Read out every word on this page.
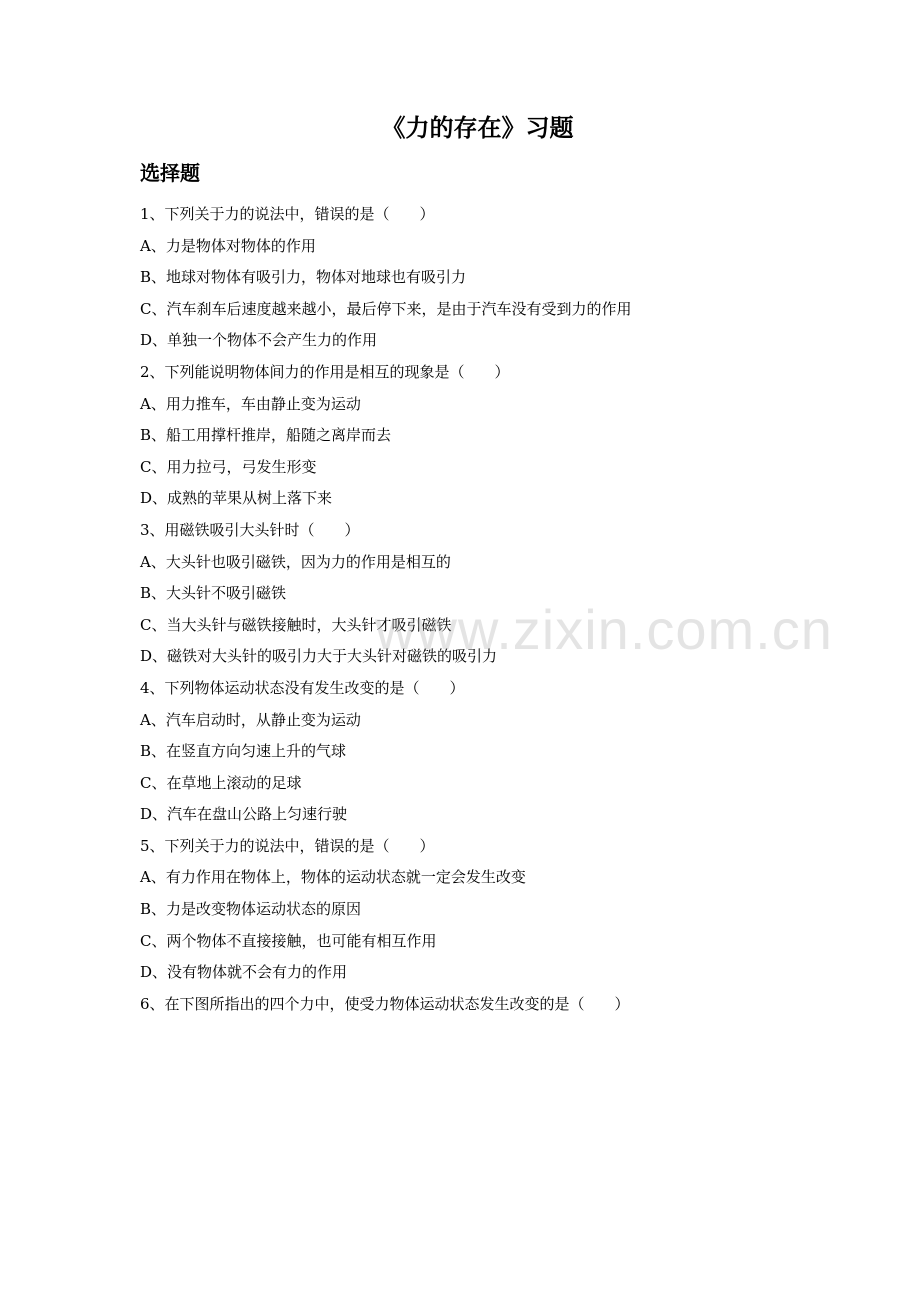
《力的存在》习题
选择题
1、下列关于力的说法中，错误的是（　　）
A、力是物体对物体的作用
B、地球对物体有吸引力，物体对地球也有吸引力
C、汽车刹车后速度越来越小，最后停下来，是由于汽车没有受到力的作用
D、单独一个物体不会产生力的作用
2、下列能说明物体间力的作用是相互的现象是（　　）
A、用力推车，车由静止变为运动
B、船工用撑杆推岸，船随之离岸而去
C、用力拉弓，弓发生形变
D、成熟的苹果从树上落下来
3、用磁铁吸引大头针时（　　）
A、大头针也吸引磁铁，因为力的作用是相互的
B、大头针不吸引磁铁
C、当大头针与磁铁接触时，大头针才吸引磁铁
D、磁铁对大头针的吸引力大于大头针对磁铁的吸引力
4、下列物体运动状态没有发生改变的是（　　）
A、汽车启动时，从静止变为运动
B、在竖直方向匀速上升的气球
C、在草地上滚动的足球
D、汽车在盘山公路上匀速行驶
5、下列关于力的说法中，错误的是（　　）
A、有力作用在物体上，物体的运动状态就一定会发生改变
B、力是改变物体运动状态的原因
C、两个物体不直接接触，也可能有相互作用
D、没有物体就不会有力的作用
6、在下图所指出的四个力中，使受力物体运动状态发生改变的是（　　）
www.zixin.com.cn
